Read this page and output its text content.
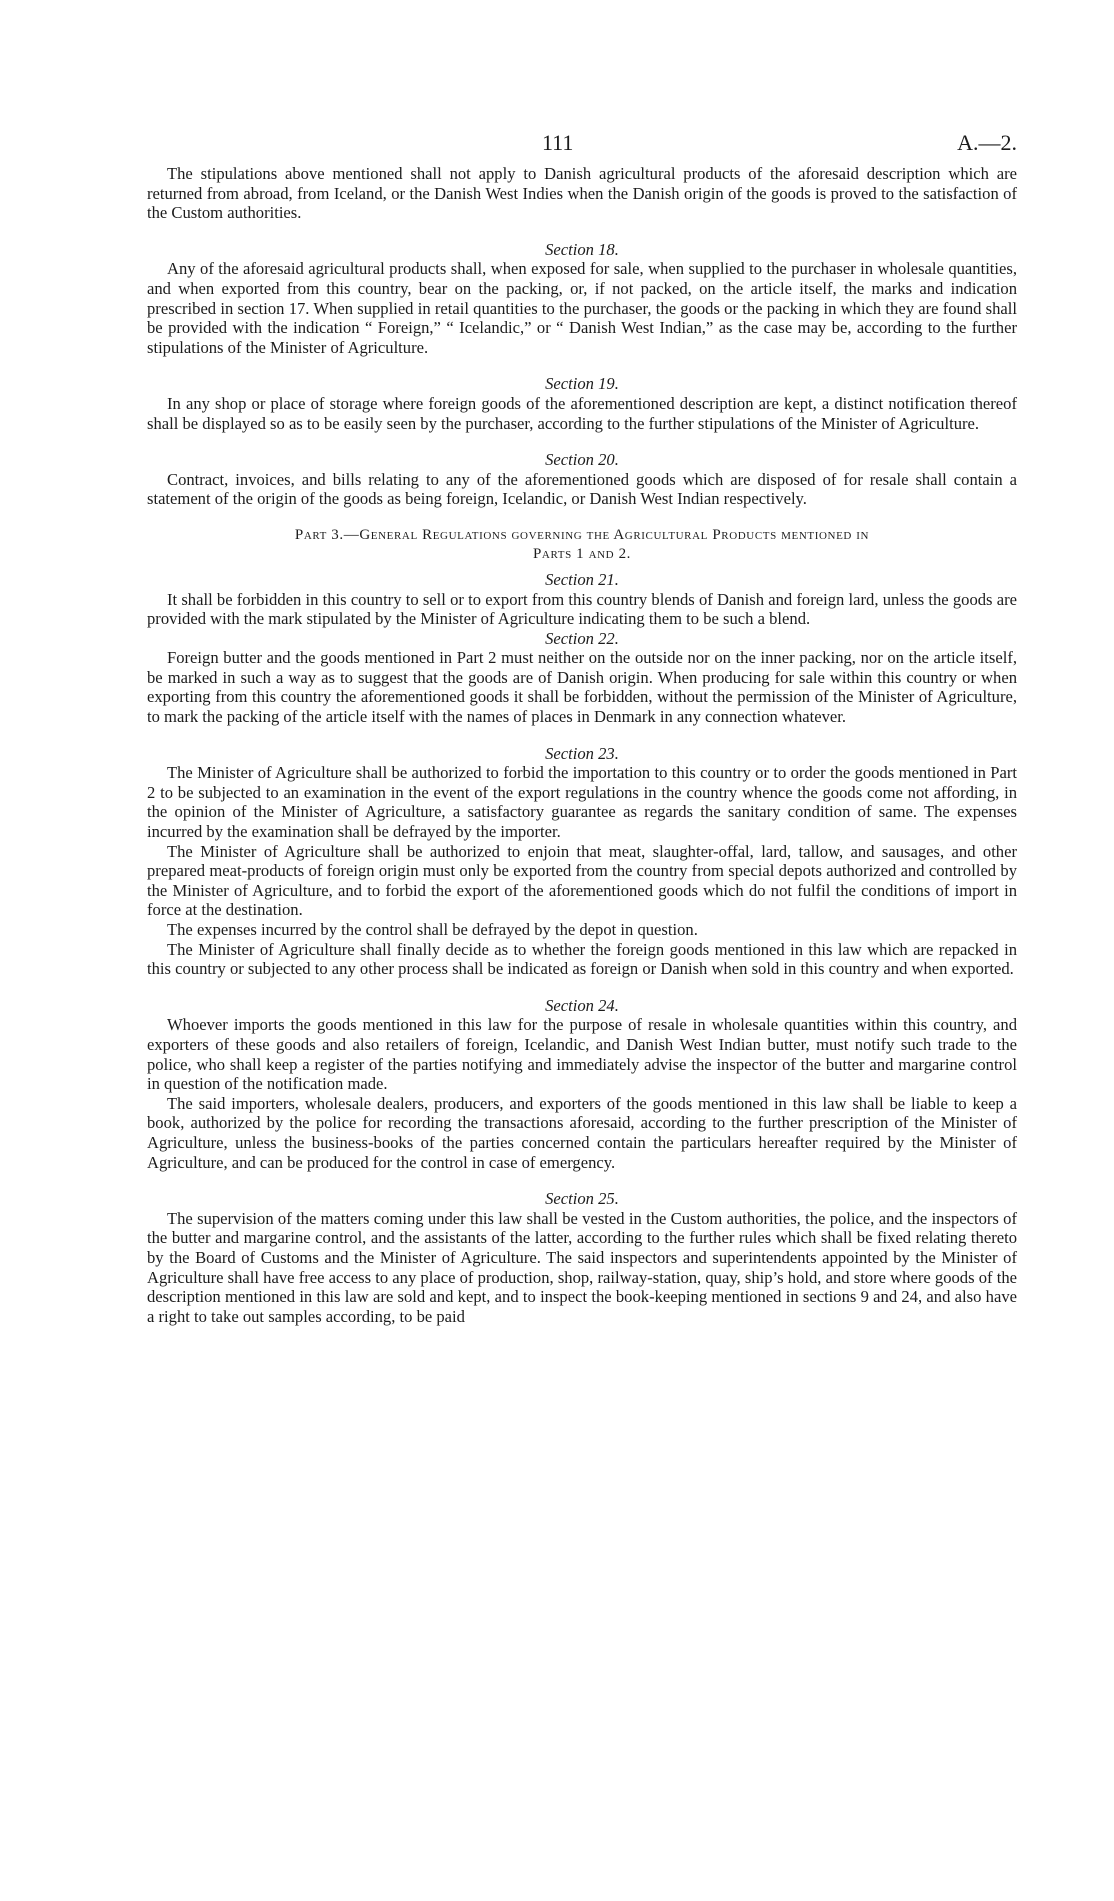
111	A.—2.

The stipulations above mentioned shall not apply to Danish agricultural products of the aforesaid description which are returned from abroad, from Iceland, or the Danish West Indies when the Danish origin of the goods is proved to the satisfaction of the Custom authorities.

Section 18.

Any of the aforesaid agricultural products shall, when exposed for sale, when supplied to the purchaser in wholesale quantities, and when exported from this country, bear on the packing, or, if not packed, on the article itself, the marks and indication prescribed in section 17. When supplied in retail quantities to the purchaser, the goods or the packing in which they are found shall be provided with the indication “ Foreign,” “ Icelandic,” or “ Danish West Indian,” as the case may be, according to the further stipulations of the Minister of Agriculture.

Section 19.

In any shop or place of storage where foreign goods of the aforementioned description are kept, a distinct notification thereof shall be displayed so as to be easily seen by the purchaser, according to the further stipulations of the Minister of Agriculture.

Section 20.

Contract, invoices, and bills relating to any of the aforementioned goods which are disposed of for resale shall contain a statement of the origin of the goods as being foreign, Icelandic, or Danish West Indian respectively.

Part 3.—General Regulations governing the Agricultural Products mentioned in
Parts 1 and 2.
Section 21.

It shall be forbidden in this country to sell or to export from this country blends of Danish and foreign lard, unless the goods are provided with the mark stipulated by the Minister of Agriculture indicating them to be such a blend.

Section 22.

Foreign butter and the goods mentioned in Part 2 must neither on the outside nor on the inner packing, nor on the article itself, be marked in such a way as to suggest that the goods are of Danish origin. When producing for sale within this country or when exporting from this country the aforementioned goods it shall be forbidden, without the permission of the Minister of Agriculture, to mark the packing of the article itself with the names of places in Denmark in any connection whatever.

Section 23.

The Minister of Agriculture shall be authorized to forbid the importation to this country or to order the goods mentioned in Part 2 to be subjected to an examination in the event of the export regulations in the country whence the goods come not affording, in the opinion of the Minister of Agriculture, a satisfactory guarantee as regards the sanitary condition of same. The expenses incurred by the examination shall be defrayed by the importer.

The Minister of Agriculture shall be authorized to enjoin that meat, slaughter-offal, lard, tallow, and sausages, and other prepared meat-products of foreign origin must only be exported from the country from special depots authorized and controlled by the Minister of Agriculture, and to forbid the export of the aforementioned goods which do not fulfil the conditions of import in force at the destination.

The expenses incurred by the control shall be defrayed by the depot in question.

The Minister of Agriculture shall finally decide as to whether the foreign goods mentioned in this law which are repacked in this country or subjected to any other process shall be indicated as foreign or Danish when sold in this country and when exported.

Section 24.

Whoever imports the goods mentioned in this law for the purpose of resale in wholesale quantities within this country, and exporters of these goods and also retailers of foreign, Icelandic, and Danish West Indian butter, must notify such trade to the police, who shall keep a register of the parties notifying and immediately advise the inspector of the butter and margarine control in question of the notification made.

The said importers, wholesale dealers, producers, and exporters of the goods mentioned in this law shall be liable to keep a book, authorized by the police for recording the transactions aforesaid, according to the further prescription of the Minister of Agriculture, unless the business-books of the parties concerned contain the particulars hereafter required by the Minister of Agriculture, and can be produced for the control in case of emergency.

Section 25.

The supervision of the matters coming under this law shall be vested in the Custom authorities, the police, and the inspectors of the butter and margarine control, and the assistants of the latter, according to the further rules which shall be fixed relating thereto by the Board of Customs and the Minister of Agriculture. The said inspectors and superintendents appointed by the Minister of Agriculture shall have free access to any place of production, shop, railway-station, quay, ship’s hold, and store where goods of the description mentioned in this law are sold and kept, and to inspect the book-keeping mentioned in sections 9 and 24, and also have a right to take out samples according, to be paid
